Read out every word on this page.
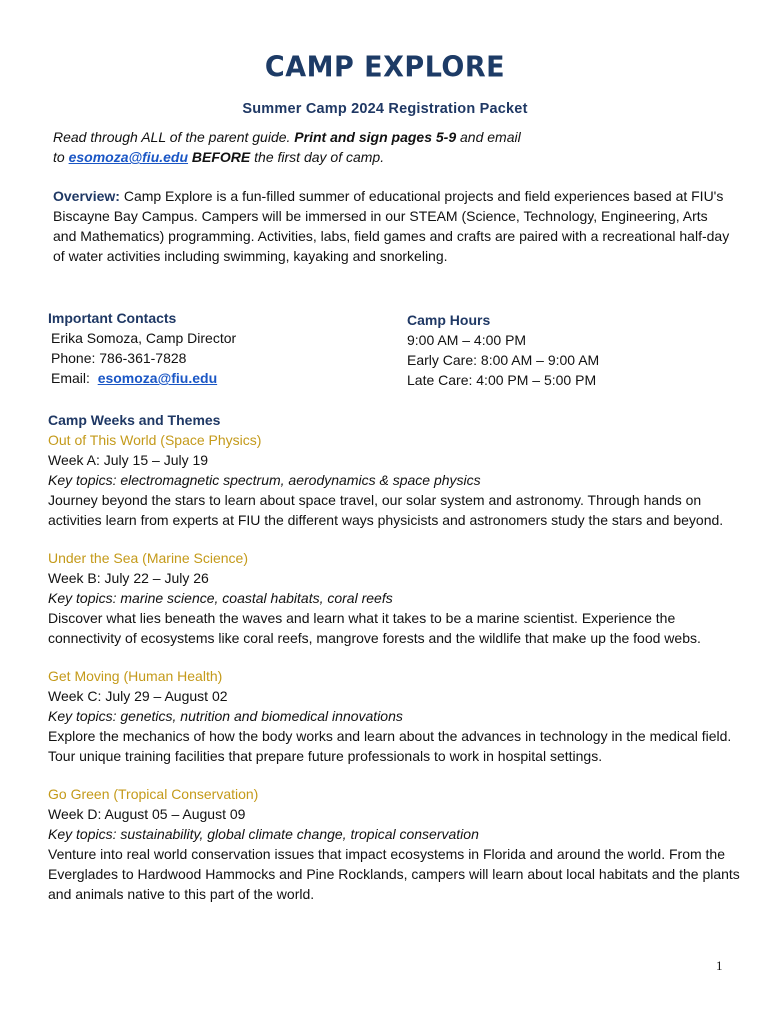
CAMP EXPLORE
Summer Camp 2024 Registration Packet
Read through ALL of the parent guide. Print and sign pages 5-9 and email
to esomoza@fiu.edu BEFORE the first day of camp.
Overview: Camp Explore is a fun-filled summer of educational projects and field experiences based at FIU's Biscayne Bay Campus. Campers will be immersed in our STEAM (Science, Technology, Engineering, Arts and Mathematics) programming. Activities, labs, field games and crafts are paired with a recreational half-day of water activities including swimming, kayaking and snorkeling.
Important Contacts
Erika Somoza, Camp Director
Phone: 786-361-7828
Email:  esomoza@fiu.edu
Camp Hours
9:00 AM – 4:00 PM
Early Care: 8:00 AM – 9:00 AM
Late Care: 4:00 PM – 5:00 PM
Camp Weeks and Themes
Out of This World (Space Physics)
Week A: July 15 – July 19
Key topics: electromagnetic spectrum, aerodynamics & space physics
Journey beyond the stars to learn about space travel, our solar system and astronomy. Through hands on activities learn from experts at FIU the different ways physicists and astronomers study the stars and beyond.
Under the Sea (Marine Science)
Week B: July 22 – July 26
Key topics: marine science, coastal habitats, coral reefs
Discover what lies beneath the waves and learn what it takes to be a marine scientist. Experience the connectivity of ecosystems like coral reefs, mangrove forests and the wildlife that make up the food webs.
Get Moving (Human Health)
Week C: July 29 – August 02
Key topics: genetics, nutrition and biomedical innovations
Explore the mechanics of how the body works and learn about the advances in technology in the medical field. Tour unique training facilities that prepare future professionals to work in hospital settings.
Go Green (Tropical Conservation)
Week D: August 05 – August 09
Key topics: sustainability, global climate change, tropical conservation
Venture into real world conservation issues that impact ecosystems in Florida and around the world. From the Everglades to Hardwood Hammocks and Pine Rocklands, campers will learn about local habitats and the plants and animals native to this part of the world.
1
